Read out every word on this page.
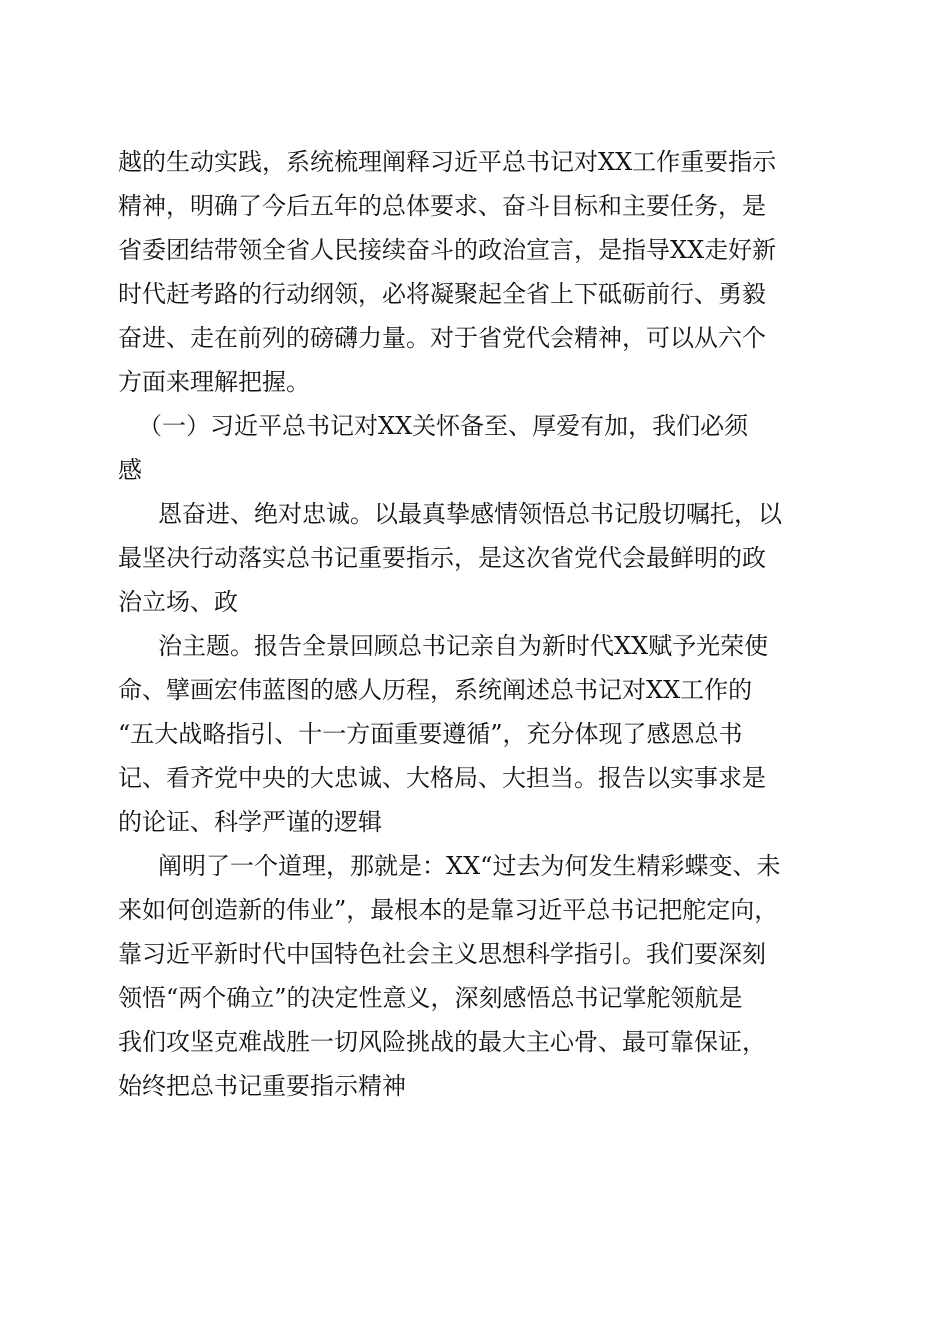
越的生动实践，系统梳理阐释习近平总书记对XX工作重要指示
精神，明确了今后五年的总体要求、奋斗目标和主要任务，是
省委团结带领全省人民接续奋斗的政治宣言，是指导XX走好新
时代赶考路的行动纲领，必将凝聚起全省上下砥砺前行、勇毅
奋进、走在前列的磅礴力量。对于省党代会精神，可以从六个
方面来理解把握。
（一）习近平总书记对XX关怀备至、厚爱有加，我们必须
感
恩奋进、绝对忠诚。以最真挚感情领悟总书记殷切嘱托，以
最坚决行动落实总书记重要指示，是这次省党代会最鲜明的政
治立场、政
治主题。报告全景回顾总书记亲自为新时代XX赋予光荣使
命、擘画宏伟蓝图的感人历程，系统阐述总书记对XX工作的
“五大战略指引、十一方面重要遵循”，充分体现了感恩总书
记、看齐党中央的大忠诚、大格局、大担当。报告以实事求是
的论证、科学严谨的逻辑
阐明了一个道理，那就是：XX“过去为何发生精彩蝶变、未
来如何创造新的伟业”，最根本的是靠习近平总书记把舵定向，
靠习近平新时代中国特色社会主义思想科学指引。我们要深刻
领悟“两个确立”的决定性意义，深刻感悟总书记掌舵领航是
我们攻坚克难战胜一切风险挑战的最大主心骨、最可靠保证，
始终把总书记重要指示精神
